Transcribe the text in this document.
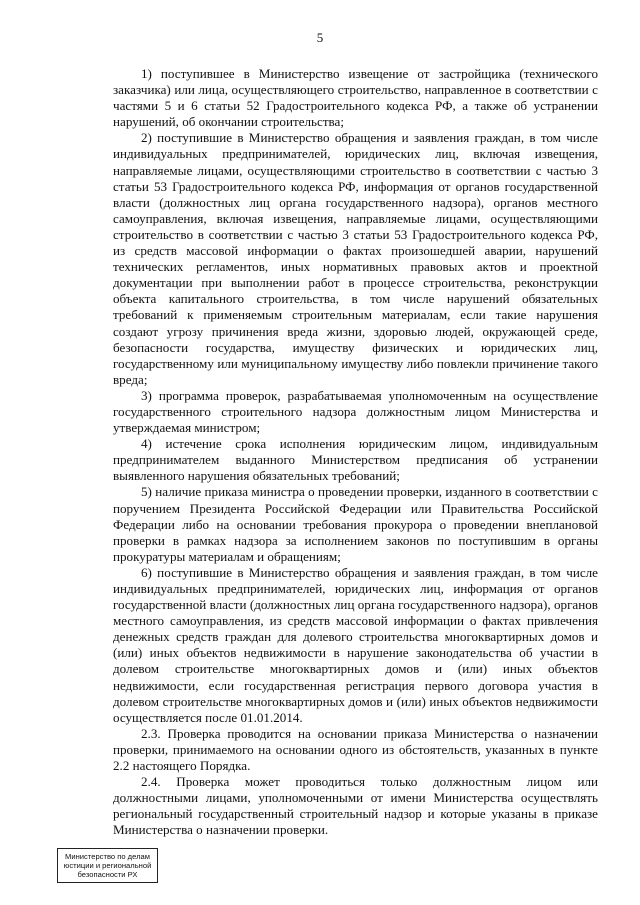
5

1) поступившее в Министерство извещение от застройщика (технического заказчика) или лица, осуществляющего строительство, направленное в соответствии с частями 5 и 6 статьи 52 Градостроительного кодекса РФ, а также об устранении нарушений, об окончании строительства;

2) поступившие в Министерство обращения и заявления граждан, в том числе индивидуальных предпринимателей, юридических лиц, включая извещения, направляемые лицами, осуществляющими строительство в соответствии с частью 3 статьи 53 Градостроительного кодекса РФ, информация от органов государственной власти (должностных лиц органа государственного надзора), органов местного самоуправления, включая извещения, направляемые лицами, осуществляющими строительство в соответствии с частью 3 статьи 53 Градостроительного кодекса РФ, из средств массовой информации о фактах произошедшей аварии, нарушений технических регламентов, иных нормативных правовых актов и проектной документации при выполнении работ в процессе строительства, реконструкции объекта капитального строительства, в том числе нарушений обязательных требований к применяемым строительным материалам, если такие нарушения создают угрозу причинения вреда жизни, здоровью людей, окружающей среде, безопасности государства, имуществу физических и юридических лиц, государственному или муниципальному имуществу либо повлекли причинение такого вреда;

3) программа проверок, разрабатываемая уполномоченным на осуществление государственного строительного надзора должностным лицом Министерства и утверждаемая министром;

4) истечение срока исполнения юридическим лицом, индивидуальным предпринимателем выданного Министерством предписания об устранении выявленного нарушения обязательных требований;

5) наличие приказа министра о проведении проверки, изданного в соответствии с поручением Президента Российской Федерации или Правительства Российской Федерации либо на основании требования прокурора о проведении внеплановой проверки в рамках надзора за исполнением законов по поступившим в органы прокуратуры материалам и обращениям;

6) поступившие в Министерство обращения и заявления граждан, в том числе индивидуальных предпринимателей, юридических лиц, информация от органов государственной власти (должностных лиц органа государственного надзора), органов местного самоуправления, из средств массовой информации о фактах привлечения денежных средств граждан для долевого строительства многоквартирных домов и (или) иных объектов недвижимости в нарушение законодательства об участии в долевом строительстве многоквартирных домов и (или) иных объектов недвижимости, если государственная регистрация первого договора участия в долевом строительстве многоквартирных домов и (или) иных объектов недвижимости осуществляется после 01.01.2014.

2.3. Проверка проводится на основании приказа Министерства о назначении проверки, принимаемого на основании одного из обстоятельств, указанных в пункте 2.2 настоящего Порядка.

2.4. Проверка может проводиться только должностным лицом или должностными лицами, уполномоченными от имени Министерства осуществлять региональный государственный строительный надзор и которые указаны в приказе Министерства о назначении проверки.

Министерство по делам
юстиции и региональной
безопасности РХ
